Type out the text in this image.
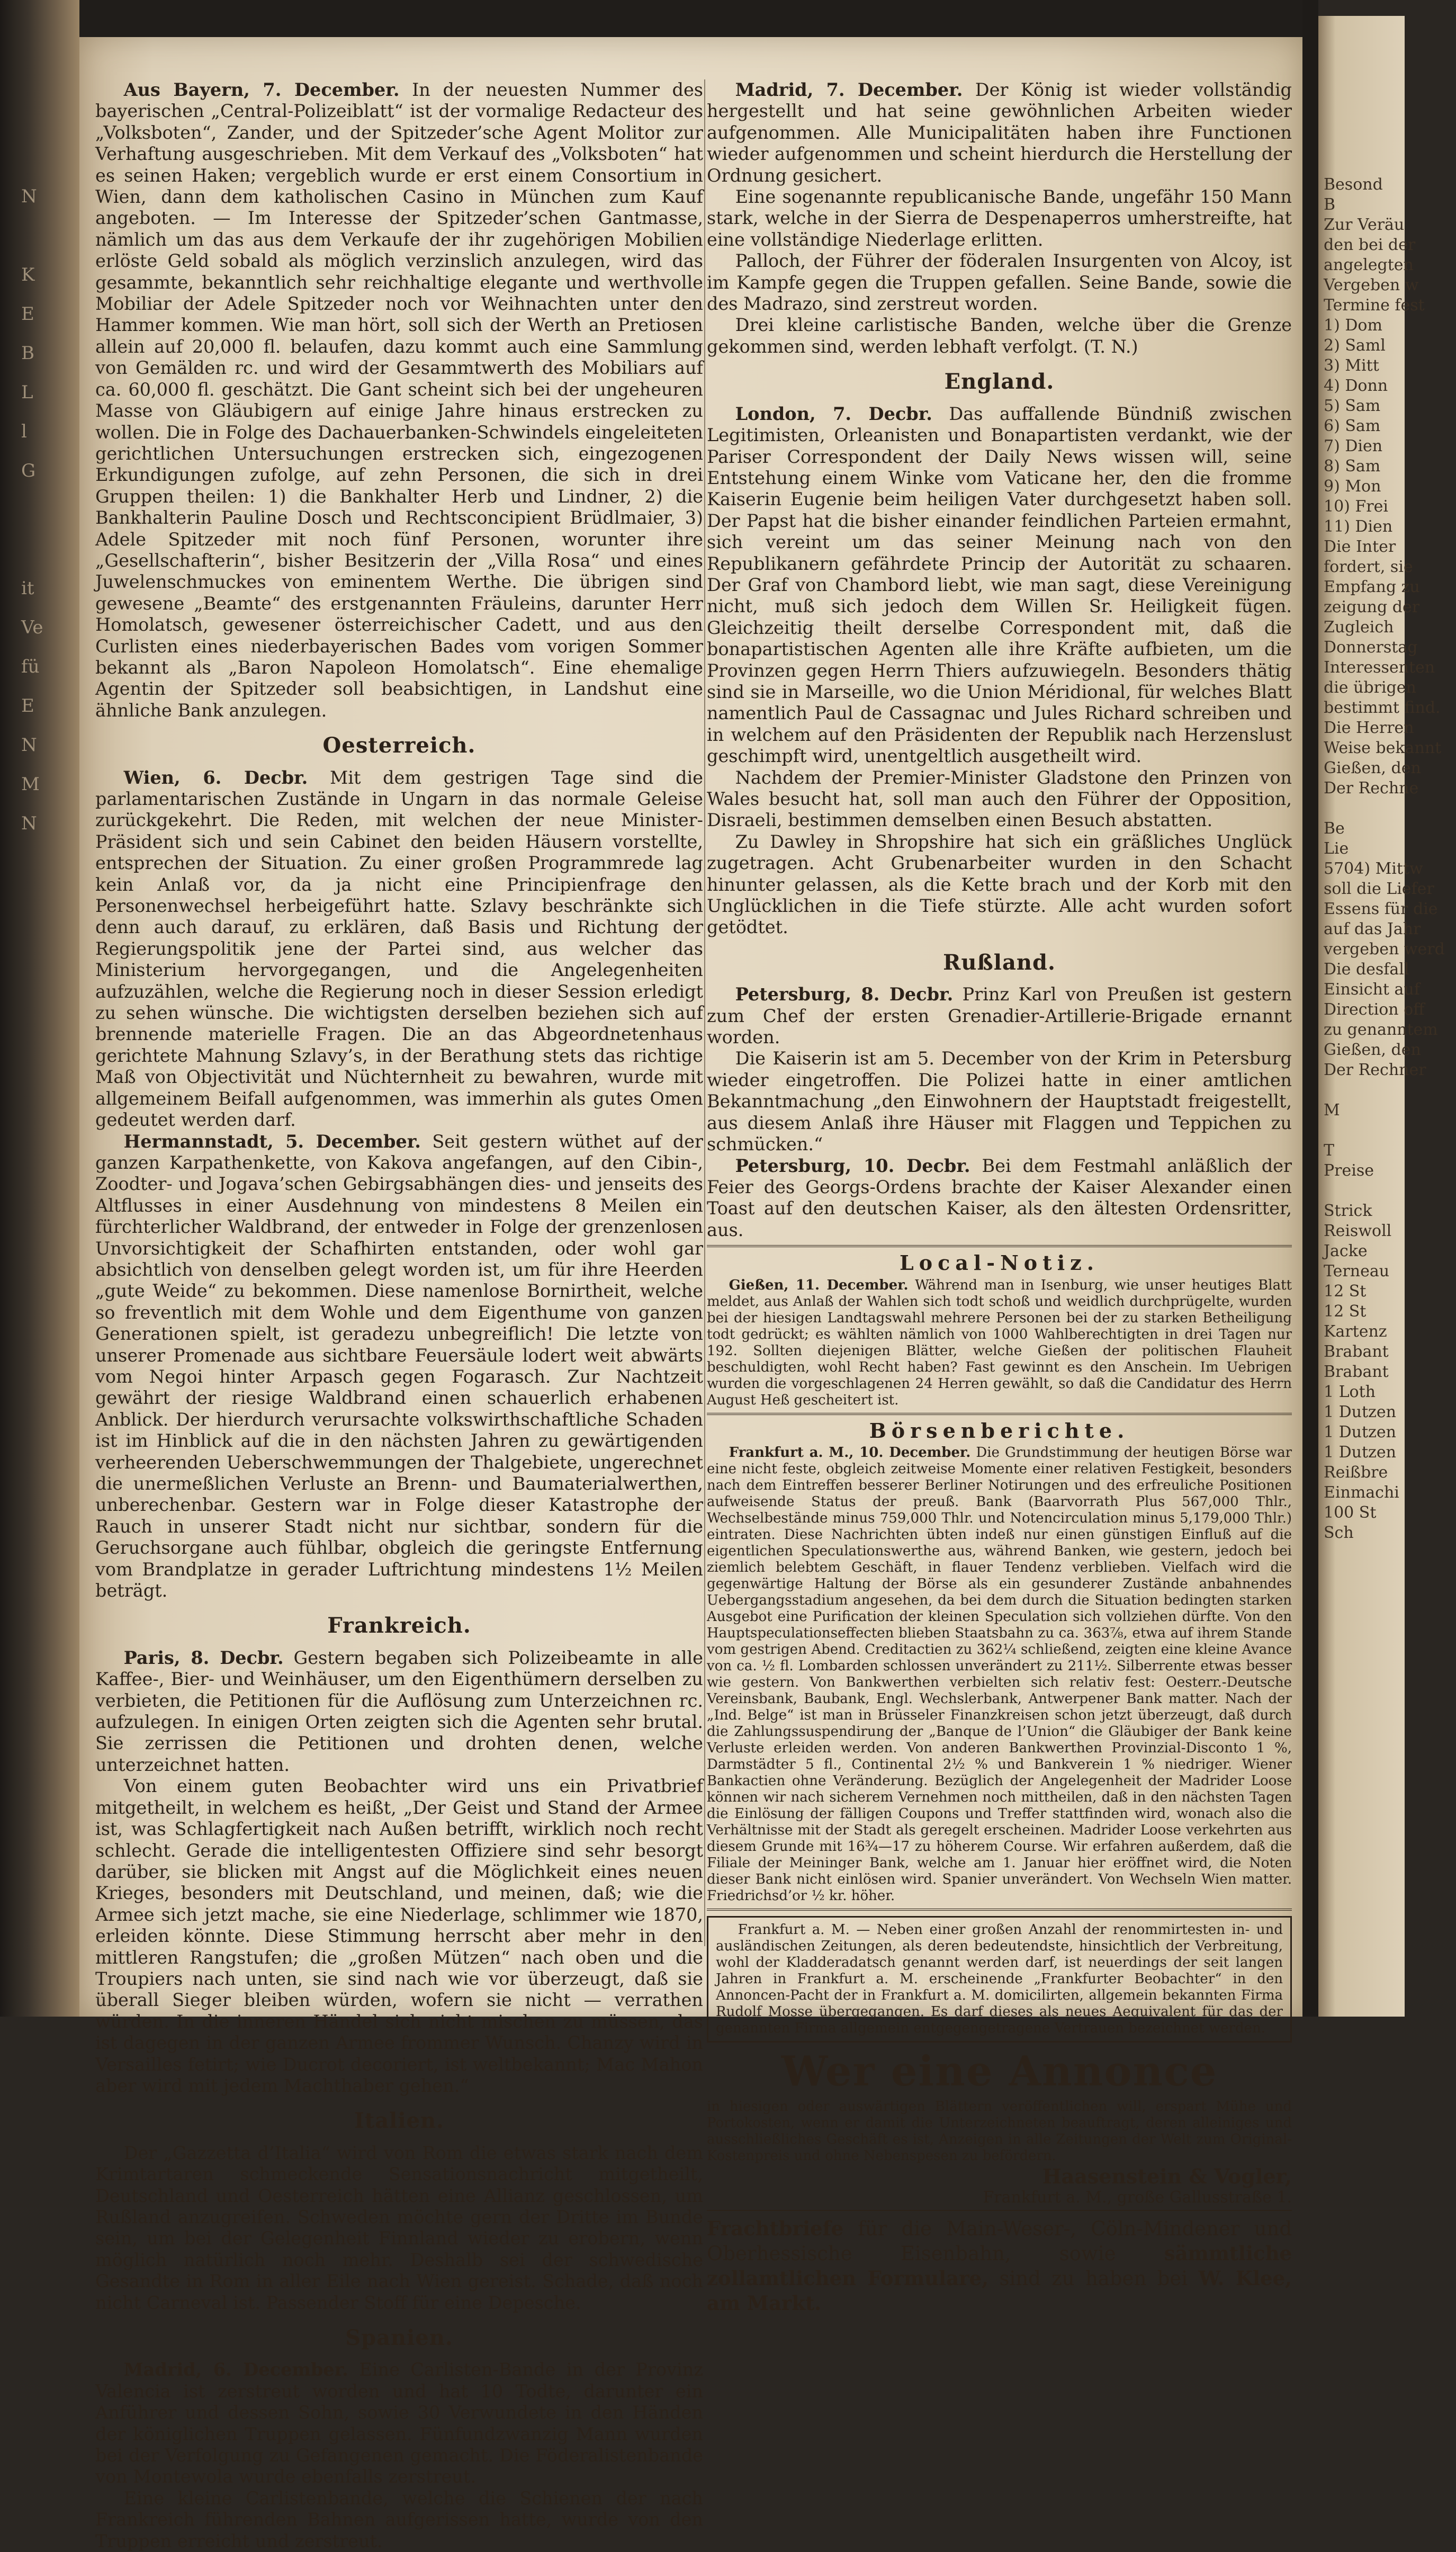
N

K
E
B
L
l
G

it
Ve
fü
E
N
M
N

Aus Bayern, 7. December. In der neuesten Nummer des bayerischen „Central-Polizeiblatt“ ist der vormalige Redacteur des „Volksboten“, Zander, und der Spitzeder’sche Agent Molitor zur Verhaftung ausgeschrieben. Mit dem Verkauf des „Volksboten“ hat es seinen Haken; vergeblich wurde er erst einem Consortium in Wien, dann dem katholischen Casino in München zum Kauf angeboten. — Im Interesse der Spitzeder’schen Gantmasse, nämlich um das aus dem Verkaufe der ihr zugehörigen Mobilien erlöste Geld sobald als möglich verzinslich anzulegen, wird das gesammte, bekanntlich sehr reichhaltige elegante und werthvolle Mobiliar der Adele Spitzeder noch vor Weihnachten unter den Hammer kommen. Wie man hört, soll sich der Werth an Pretiosen allein auf 20,000 fl. belaufen, dazu kommt auch eine Sammlung von Gemälden rc. und wird der Gesammtwerth des Mobiliars auf ca. 60,000 fl. geschätzt. Die Gant scheint sich bei der ungeheuren Masse von Gläubigern auf einige Jahre hinaus erstrecken zu wollen. Die in Folge des Dachauerbanken-Schwindels eingeleiteten gerichtlichen Untersuchungen erstrecken sich, eingezogenen Erkundigungen zufolge, auf zehn Personen, die sich in drei Gruppen theilen: 1) die Bankhalter Herb und Lindner, 2) die Bankhalterin Pauline Dosch und Rechtsconcipient Brüdlmaier, 3) Adele Spitzeder mit noch fünf Personen, worunter ihre „Gesellschafterin“, bisher Besitzerin der „Villa Rosa“ und eines Juwelenschmuckes von eminentem Werthe. Die übrigen sind gewesene „Beamte“ des erstgenannten Fräuleins, darunter Herr Homolatsch, gewesener österreichischer Cadett, und aus den Curlisten eines niederbayerischen Bades vom vorigen Sommer bekannt als „Baron Napoleon Homolatsch“. Eine ehemalige Agentin der Spitzeder soll beabsichtigen, in Landshut eine ähnliche Bank anzulegen.

Oesterreich.

Wien, 6. Decbr. Mit dem gestrigen Tage sind die parlamentarischen Zustände in Ungarn in das normale Geleise zurückgekehrt. Die Reden, mit welchen der neue Minister-Präsident sich und sein Cabinet den beiden Häusern vorstellte, entsprechen der Situation. Zu einer großen Programmrede lag kein Anlaß vor, da ja nicht eine Principienfrage den Personenwechsel herbeigeführt hatte. Szlavy beschränkte sich denn auch darauf, zu erklären, daß Basis und Richtung der Regierungspolitik jene der Partei sind, aus welcher das Ministerium hervorgegangen, und die Angelegenheiten aufzuzählen, welche die Regierung noch in dieser Session erledigt zu sehen wünsche. Die wichtigsten derselben beziehen sich auf brennende materielle Fragen. Die an das Abgeordnetenhaus gerichtete Mahnung Szlavy’s, in der Berathung stets das richtige Maß von Objectivität und Nüchternheit zu bewahren, wurde mit allgemeinem Beifall aufgenommen, was immerhin als gutes Omen gedeutet werden darf.

Hermannstadt, 5. December. Seit gestern wüthet auf der ganzen Karpathenkette, von Kakova angefangen, auf den Cibin-, Zoodter- und Jogava’schen Gebirgsabhängen dies- und jenseits des Altflusses in einer Ausdehnung von mindestens 8 Meilen ein fürchterlicher Waldbrand, der entweder in Folge der grenzenlosen Unvorsichtigkeit der Schafhirten entstanden, oder wohl gar absichtlich von denselben gelegt worden ist, um für ihre Heerden „gute Weide“ zu bekommen. Diese namenlose Bornirtheit, welche so freventlich mit dem Wohle und dem Eigenthume von ganzen Generationen spielt, ist geradezu unbegreiflich! Die letzte von unserer Promenade aus sichtbare Feuersäule lodert weit abwärts vom Negoi hinter Arpasch gegen Fogarasch. Zur Nachtzeit gewährt der riesige Waldbrand einen schauerlich erhabenen Anblick. Der hierdurch verursachte volkswirthschaftliche Schaden ist im Hinblick auf die in den nächsten Jahren zu gewärtigenden verheerenden Ueberschwemmungen der Thalgebiete, ungerechnet die unermeßlichen Verluste an Brenn- und Baumaterialwerthen, unberechenbar. Gestern war in Folge dieser Katastrophe der Rauch in unserer Stadt nicht nur sichtbar, sondern für die Geruchsorgane auch fühlbar, obgleich die geringste Entfernung vom Brandplatze in gerader Luftrichtung mindestens 1½ Meilen beträgt.

Frankreich.

Paris, 8. Decbr. Gestern begaben sich Polizeibeamte in alle Kaffee-, Bier- und Weinhäuser, um den Eigenthümern derselben zu verbieten, die Petitionen für die Auflösung zum Unterzeichnen rc. aufzulegen. In einigen Orten zeigten sich die Agenten sehr brutal. Sie zerrissen die Petitionen und drohten denen, welche unterzeichnet hatten.

Von einem guten Beobachter wird uns ein Privatbrief mitgetheilt, in welchem es heißt, „Der Geist und Stand der Armee ist, was Schlagfertigkeit nach Außen betrifft, wirklich noch recht schlecht. Gerade die intelligentesten Offiziere sind sehr besorgt darüber, sie blicken mit Angst auf die Möglichkeit eines neuen Krieges, besonders mit Deutschland, und meinen, daß; wie die Armee sich jetzt mache, sie eine Niederlage, schlimmer wie 1870, erleiden könnte. Diese Stimmung herrscht aber mehr in den mittleren Rangstufen; die „großen Mützen“ nach oben und die Troupiers nach unten, sie sind nach wie vor überzeugt, daß sie überall Sieger bleiben würden, wofern sie nicht — verrathen würden. In die inneren Händel sich nicht mischen zu müssen, das ist dagegen in der ganzen Armee frommer Wunsch. Chanzy wird in Versailles fetirt; wie Ducrot decoriert, ist weltbekannt; Mac Mahon aber wird mit jedem Machthaber gehen.“

Italien.

Der „Gazzetta d’Italia“ wird von Rom die etwas stark nach dem Krimtartaren schmeckende Sensationsnachricht mitgetheilt, Deutschland und Oesterreich hätten eine Allianz geschlossen, um Rußland anzugreifen. Schweden möchte gern der Dritte im Bunde sein, um bei der Gelegenheit Finnland wieder zu erobern, wenn möglich natürlich noch mehr. Deshalb sei der schwedische Gesandte in Rom in aller Eile nach Wien gereist. Schade, daß noch nicht Carneval ist. Passender Stoff für eine Depesche.

Spanien.

Madrid, 6. December. Eine Carlisten-Bande in der Provinz Valencia ist zerstreut worden und hat 10 Todte, darunter ein Anführer und dessen Sohn, sowie 30 Verwundete in den Händen der königlichen Truppen gelassen. Fünfundzwanzig Mann wurden bei der Verfolgung zu Gefangenen gemacht. Die Föderalistenbande von Montewola wurde ebenfalls zerstreut.

Eine kleine Carlistenbande, welche die Schienen der nach Frankreich führenden Bahnen aufgerissen hatte, wurde von den Truppen erreicht und zerstreut.

Madrid, 7. December. Der König ist wieder vollständig hergestellt und hat seine gewöhnlichen Arbeiten wieder aufgenommen. Alle Municipalitäten haben ihre Functionen wieder aufgenommen und scheint hierdurch die Herstellung der Ordnung gesichert.

Eine sogenannte republicanische Bande, ungefähr 150 Mann stark, welche in der Sierra de Despenaperros umherstreifte, hat eine vollständige Niederlage erlitten.

Palloch, der Führer der föderalen Insurgenten von Alcoy, ist im Kampfe gegen die Truppen gefallen. Seine Bande, sowie die des Madrazo, sind zerstreut worden.

Drei kleine carlistische Banden, welche über die Grenze gekommen sind, werden lebhaft verfolgt. (T. N.)

England.

London, 7. Decbr. Das auffallende Bündniß zwischen Legitimisten, Orleanisten und Bonapartisten verdankt, wie der Pariser Correspondent der Daily News wissen will, seine Entstehung einem Winke vom Vaticane her, den die fromme Kaiserin Eugenie beim heiligen Vater durchgesetzt haben soll. Der Papst hat die bisher einander feindlichen Parteien ermahnt, sich vereint um das seiner Meinung nach von den Republikanern gefährdete Princip der Autorität zu schaaren. Der Graf von Chambord liebt, wie man sagt, diese Vereinigung nicht, muß sich jedoch dem Willen Sr. Heiligkeit fügen. Gleichzeitig theilt derselbe Correspondent mit, daß die bonapartistischen Agenten alle ihre Kräfte aufbieten, um die Provinzen gegen Herrn Thiers aufzuwiegeln. Besonders thätig sind sie in Marseille, wo die Union Méridional, für welches Blatt namentlich Paul de Cassagnac und Jules Richard schreiben und in welchem auf den Präsidenten der Republik nach Herzenslust geschimpft wird, unentgeltlich ausgetheilt wird.

Nachdem der Premier-Minister Gladstone den Prinzen von Wales besucht hat, soll man auch den Führer der Opposition, Disraeli, bestimmen demselben einen Besuch abstatten.

Zu Dawley in Shropshire hat sich ein gräßliches Unglück zugetragen. Acht Grubenarbeiter wurden in den Schacht hinunter gelassen, als die Kette brach und der Korb mit den Unglücklichen in die Tiefe stürzte. Alle acht wurden sofort getödtet.

Rußland.

Petersburg, 8. Decbr. Prinz Karl von Preußen ist gestern zum Chef der ersten Grenadier-Artillerie-Brigade ernannt worden.

Die Kaiserin ist am 5. December von der Krim in Petersburg wieder eingetroffen. Die Polizei hatte in einer amtlichen Bekanntmachung „den Einwohnern der Hauptstadt freigestellt, aus diesem Anlaß ihre Häuser mit Flaggen und Teppichen zu schmücken.“

Petersburg, 10. Decbr. Bei dem Festmahl anläßlich der Feier des Georgs-Ordens brachte der Kaiser Alexander einen Toast auf den deutschen Kaiser, als den ältesten Ordensritter, aus.

Local-Notiz.

Gießen, 11. December. Während man in Isenburg, wie unser heutiges Blatt meldet, aus Anlaß der Wahlen sich todt schoß und weidlich durchprügelte, wurden bei der hiesigen Landtagswahl mehrere Personen bei der zu starken Betheiligung todt gedrückt; es wählten nämlich von 1000 Wahlberechtigten in drei Tagen nur 192. Sollten diejenigen Blätter, welche Gießen der politischen Flauheit beschuldigten, wohl Recht haben? Fast gewinnt es den Anschein. Im Uebrigen wurden die vorgeschlagenen 24 Herren gewählt, so daß die Candidatur des Herrn August Heß gescheitert ist.

Börsenberichte.

Frankfurt a. M., 10. December. Die Grundstimmung der heutigen Börse war eine nicht feste, obgleich zeitweise Momente einer relativen Festigkeit, besonders nach dem Eintreffen besserer Berliner Notirungen und des erfreuliche Positionen aufweisende Status der preuß. Bank (Baarvorrath Plus 567,000 Thlr., Wechselbestände minus 759,000 Thlr. und Notencirculation minus 5,179,000 Thlr.) eintraten. Diese Nachrichten übten indeß nur einen günstigen Einfluß auf die eigentlichen Speculationswerthe aus, während Banken, wie gestern, jedoch bei ziemlich belebtem Geschäft, in flauer Tendenz verblieben. Vielfach wird die gegenwärtige Haltung der Börse als ein gesunderer Zustände anbahnendes Uebergangsstadium angesehen, da bei dem durch die Situation bedingten starken Ausgebot eine Purification der kleinen Speculation sich vollziehen dürfte. Von den Hauptspeculationseffecten blieben Staatsbahn zu ca. 363⅞, etwa auf ihrem Stande vom gestrigen Abend. Creditactien zu 362¼ schließend, zeigten eine kleine Avance von ca. ½ fl. Lombarden schlossen unverändert zu 211½. Silberrente etwas besser wie gestern. Von Bankwerthen verbielten sich relativ fest: Oesterr.-Deutsche Vereinsbank, Baubank, Engl. Wechslerbank, Antwerpener Bank matter. Nach der „Ind. Belge“ ist man in Brüsseler Finanzkreisen schon jetzt überzeugt, daß durch die Zahlungssuspendirung der „Banque de l’Union“ die Gläubiger der Bank keine Verluste erleiden werden. Von anderen Bankwerthen Provinzial-Disconto 1 %, Darmstädter 5 fl., Continental 2½ % und Bankverein 1 % niedriger. Wiener Bankactien ohne Veränderung. Bezüglich der Angelegenheit der Madrider Loose können wir nach sicherem Vernehmen noch mittheilen, daß in den nächsten Tagen die Einlösung der fälligen Coupons und Treffer stattfinden wird, wonach also die Verhältnisse mit der Stadt als geregelt erscheinen. Madrider Loose verkehrten aus diesem Grunde mit 16¾—17 zu höherem Course. Wir erfahren außerdem, daß die Filiale der Meininger Bank, welche am 1. Januar hier eröffnet wird, die Noten dieser Bank nicht einlösen wird. Spanier unverändert. Von Wechseln Wien matter. Friedrichsd’or ½ kr. höher.

Frankfurt a. M. — Neben einer großen Anzahl der renommirtesten in- und ausländischen Zeitungen, als deren bedeutendste, hinsichtlich der Verbreitung, wohl der Kladderadatsch genannt werden darf, ist neuerdings der seit langen Jahren in Frankfurt a. M. erscheinende „Frankfurter Beobachter“ in den Annoncen-Pacht der in Frankfurt a. M. domicilirten, allgemein bekannten Firma Rudolf Mosse übergegangen. Es darf dieses als neues Aequivalent für das der genannten Firma allgemein entgegengetragene Vertrauen bezeichnet werden.

Wer eine Annonce

in hiesigen oder auswärtigen Blättern veröffentlichen will, erspart Mühe und Portokosten, wenn er damit die Unterzeichneten beauftragt, deren alleiniges und ausschließliches Geschäft es ist, Anzeigen in alle Zeitungen der Welt zum Original-Kostenpreis und ohne Nebenspesen zu befördern.

Haasenstein & Vogler,
Frankfurt a. M., große Gallusstraße 1.
Frachtbriefe für die Main-Weser-, Cöln-Mindener und Oberhessische Eisenbahn, sowie sämmtliche zollamtlichen Formulare, sind zu haben bei W. Klee, am Markt.
Besond
B
Zur Veräu
den bei der
angelegten
Vergeben w
Termine fest
1) Dom
2) Saml
3) Mitt
4) Donn
5) Sam
6) Sam
7) Dien
8) Sam
9) Mon
10) Frei
11) Dien
Die Inter
fordert, sie
Empfang zu
zeigung der
Zugleich
Donnerstag
Interessenten
die übrigen
bestimmt find.
Die Herren
Weise bekannt
Gießen, den
Der Rechne

Be
Lie
5704) Mittw
soll die Liefer
Essens für die
auf das Jahr
vergeben werd
Die desfall
Einsicht auf
Direction off
zu genanntem
Gießen, den
Der Rechner

M

T
Preise

Strick
Reiswoll
Jacke
Terneau
12 St
12 St
Kartenz
Brabant
Brabant
1 Loth
1 Dutzen
1 Dutzen
1 Dutzen
Reißbre
Einmachi
100 St
Sch
